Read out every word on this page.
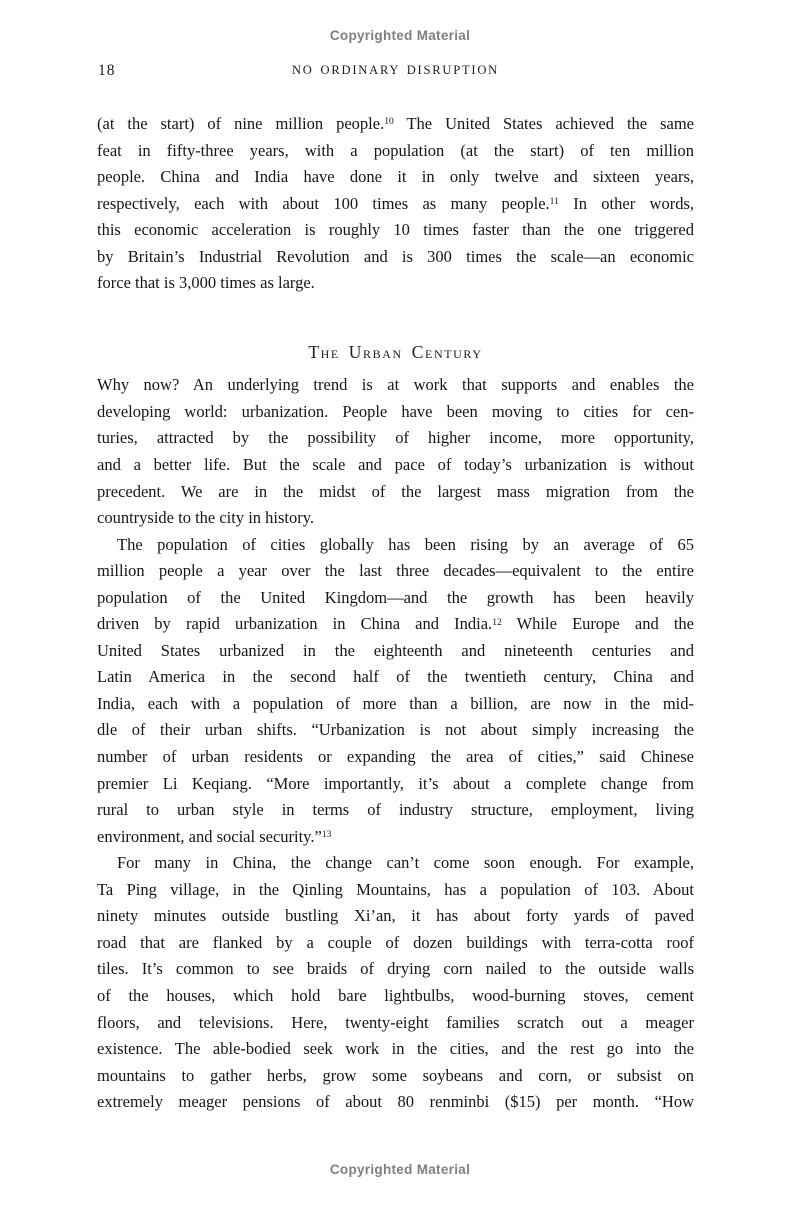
Copyrighted Material
18	NO ORDINARY DISRUPTION
(at the start) of nine million people.$^{10}$ The United States achieved the same
feat in fifty-three years, with a population (at the start) of ten million
people. China and India have done it in only twelve and sixteen years,
respectively, each with about 100 times as many people.$^{11}$ In other words,
this economic acceleration is roughly 10 times faster than the one triggered
by Britain’s Industrial Revolution and is 300 times the scale—an economic
force that is 3,000 times as large.
The Urban Century
Why now? An underlying trend is at work that supports and enables the
developing world: urbanization. People have been moving to cities for cen-
turies, attracted by the possibility of higher income, more opportunity,
and a better life. But the scale and pace of today’s urbanization is without
precedent. We are in the midst of the largest mass migration from the
countryside to the city in history.
The population of cities globally has been rising by an average of 65
million people a year over the last three decades—equivalent to the entire
population of the United Kingdom—and the growth has been heavily
driven by rapid urbanization in China and India.$^{12}$ While Europe and the
United States urbanized in the eighteenth and nineteenth centuries and
Latin America in the second half of the twentieth century, China and
India, each with a population of more than a billion, are now in the mid-
dle of their urban shifts. “Urbanization is not about simply increasing the
number of urban residents or expanding the area of cities,” said Chinese
premier Li Keqiang. “More importantly, it’s about a complete change from
rural to urban style in terms of industry structure, employment, living
environment, and social security.”$^{13}$
For many in China, the change can’t come soon enough. For example,
Ta Ping village, in the Qinling Mountains, has a population of 103. About
ninety minutes outside bustling Xi’an, it has about forty yards of paved
road that are flanked by a couple of dozen buildings with terra-cotta roof
tiles. It’s common to see braids of drying corn nailed to the outside walls
of the houses, which hold bare lightbulbs, wood-burning stoves, cement
floors, and televisions. Here, twenty-eight families scratch out a meager
existence. The able-bodied seek work in the cities, and the rest go into the
mountains to gather herbs, grow some soybeans and corn, or subsist on
extremely meager pensions of about 80 renminbi ($15) per month. “How
Copyrighted Material
